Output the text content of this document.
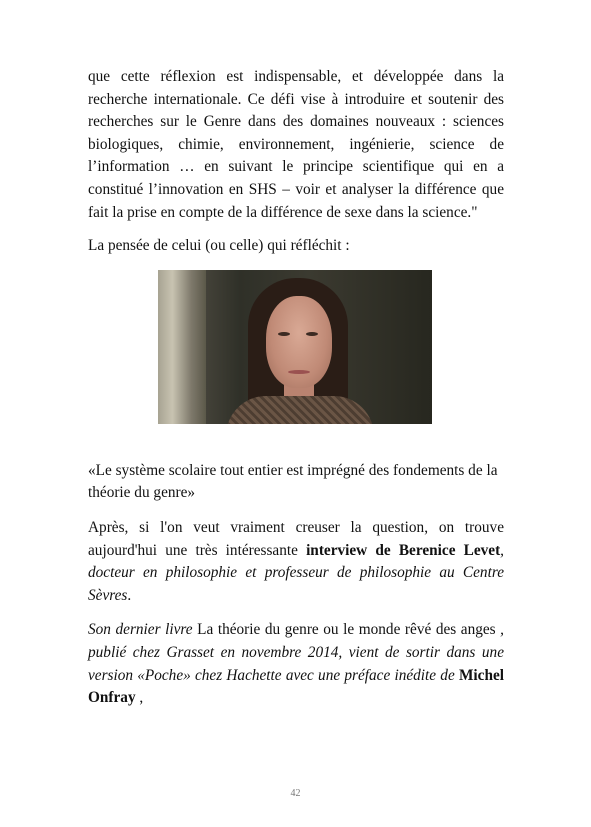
que cette réflexion est indispensable, et développée dans la recherche internationale. Ce défi vise à introduire et soutenir des recherches sur le Genre dans des domaines nouveaux : sciences biologiques, chimie, environnement, ingénierie, science de l’information … en suivant le principe scientifique qui en a constitué l’innovation en SHS – voir et analyser la différence que fait la prise en compte de la différence de sexe dans la science."

La pensée de celui (ou celle) qui réfléchit :

«Le système scolaire tout entier est imprégné des fondements de la théorie du genre»

Après, si l'on veut vraiment creuser la question, on trouve aujourd'hui une très intéressante interview de Berenice Levet, docteur en philosophie et professeur de philosophie au Centre Sèvres.

Son dernier livre La théorie du genre ou le monde rêvé des anges , publié chez Grasset en novembre 2014, vient de sortir dans une version «Poche» chez Hachette avec une préface inédite de Michel Onfray ,

42
